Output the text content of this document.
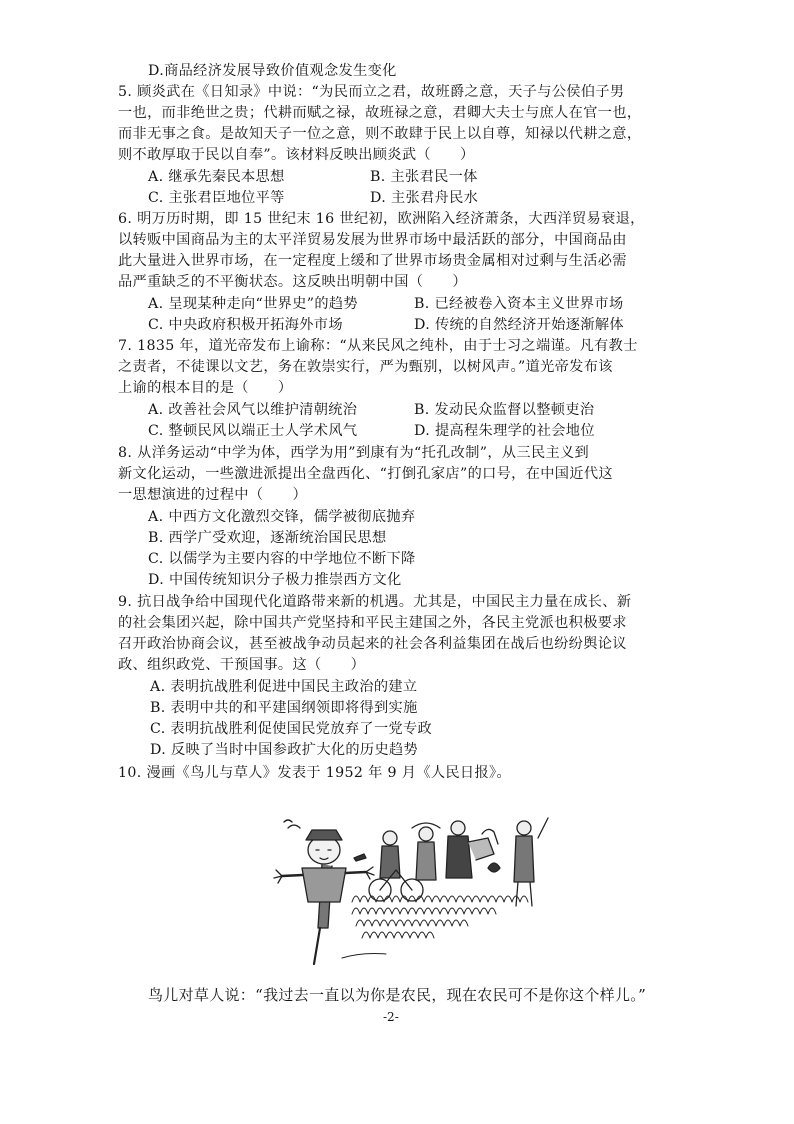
D.商品经济发展导致价值观念发生变化
5. 顾炎武在《日知录》中说：“为民而立之君，故班爵之意，天子与公侯伯子男
一也，而非绝世之贵；代耕而赋之禄，故班禄之意，君卿大夫士与庶人在官一也，
而非无事之食。是故知天子一位之意，则不敢肆于民上以自尊，知禄以代耕之意，
则不敢厚取于民以自奉”。该材料反映出顾炎武（　　）
A. 继承先秦民本思想	B. 主张君民一体
C. 主张君臣地位平等	D. 主张君舟民水
6. 明万历时期，即 15 世纪末 16 世纪初，欧洲陷入经济萧条，大西洋贸易衰退，
以转贩中国商品为主的太平洋贸易发展为世界市场中最活跃的部分，中国商品由
此大量进入世界市场，在一定程度上缓和了世界市场贵金属相对过剩与生活必需
品严重缺乏的不平衡状态。这反映出明朝中国（　　）
A. 呈现某种走向“世界史”的趋势	B. 已经被卷入资本主义世界市场
C. 中央政府积极开拓海外市场	D. 传统的自然经济开始逐渐解体
7. 1835 年，道光帝发布上谕称：“从来民风之纯朴，由于士习之端谨。凡有教士
之责者，不徒课以文艺，务在敦崇实行，严为甄别，以树风声。”道光帝发布该
上谕的根本目的是（　　）
A. 改善社会风气以维护清朝统治	B. 发动民众监督以整顿吏治
C. 整顿民风以端正士人学术风气	D. 提高程朱理学的社会地位
8. 从洋务运动“中学为体，西学为用”到康有为“托孔改制”，从三民主义到
新文化运动，一些激进派提出全盘西化、“打倒孔家店”的口号，在中国近代这
一思想演进的过程中（　　）
A. 中西方文化激烈交锋，儒学被彻底抛弃
B. 西学广受欢迎，逐渐统治国民思想
C. 以儒学为主要内容的中学地位不断下降
D. 中国传统知识分子极力推崇西方文化
9. 抗日战争给中国现代化道路带来新的机遇。尤其是，中国民主力量在成长、新
的社会集团兴起，除中国共产党坚持和平民主建国之外，各民主党派也积极要求
召开政治协商会议，甚至被战争动员起来的社会各利益集团在战后也纷纷舆论议
政、组织政党、干预国事。这（　　）
A. 表明抗战胜利促进中国民主政治的建立
B. 表明中共的和平建国纲领即将得到实施
C. 表明抗战胜利促使国民党放弃了一党专政
D. 反映了当时中国参政扩大化的历史趋势
10. 漫画《鸟儿与草人》发表于 1952 年 9 月《人民日报》。
鸟儿对草人说：“我过去一直以为你是农民，现在农民可不是你这个样儿。”
-2-
